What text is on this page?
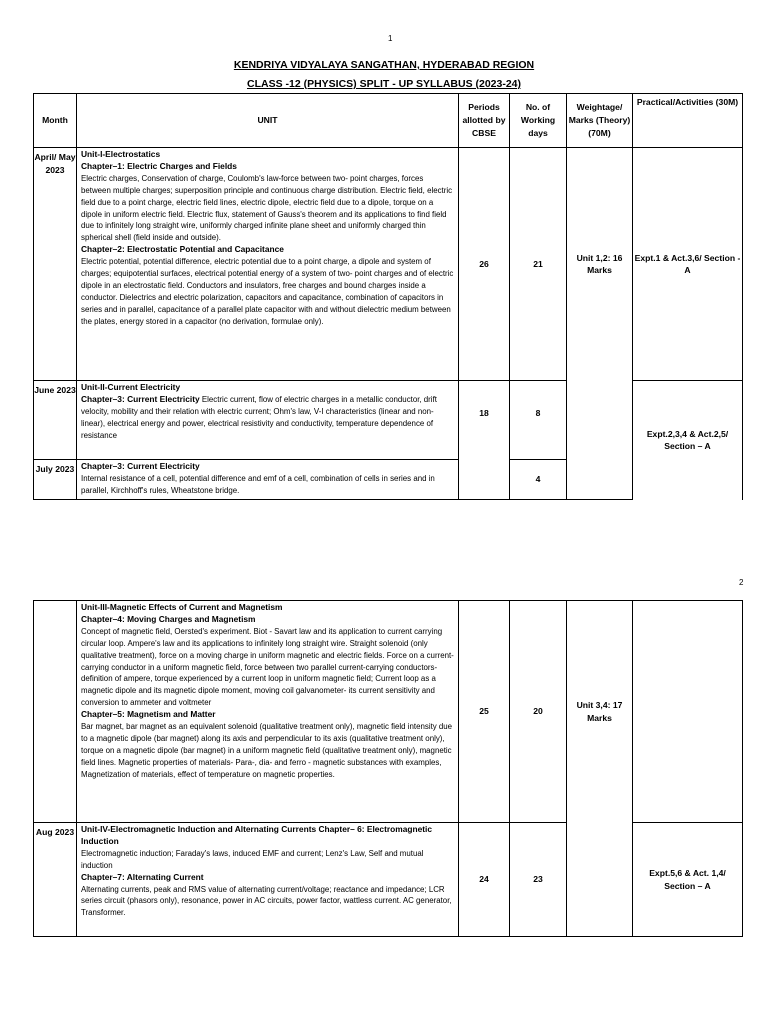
1
KENDRIYA VIDYALAYA SANGATHAN, HYDERABAD REGION
CLASS -12 (PHYSICS) SPLIT - UP SYLLABUS (2023-24)
Month	UNIT	Periods allotted by CBSE	No. of Working days	Weightage/ Marks (Theory) (70M)	Practical/Activities (30M)
April/ May 2023	Unit-I-Electrostatics
Chapter–1: Electric Charges and Fields
Electric charges, Conservation of charge, Coulomb's law-force between two- point charges, forces between multiple charges; superposition principle and continuous charge distribution. Electric field, electric field due to a point charge, electric field lines, electric dipole, electric field due to a dipole, torque on a dipole in uniform electric field. Electric flux, statement of Gauss's theorem and its applications to find field due to infinitely long straight wire, uniformly charged infinite plane sheet and uniformly charged thin spherical shell (field inside and outside).
Chapter–2: Electrostatic Potential and Capacitance
Electric potential, potential difference, electric potential due to a point charge, a dipole and system of charges; equipotential surfaces, electrical potential energy of a system of two- point charges and of electric dipole in an electrostatic field. Conductors and insulators, free charges and bound charges inside a conductor. Dielectrics and electric polarization, capacitors and capacitance, combination of capacitors in series and in parallel, capacitance of a parallel plate capacitor with and without dielectric medium between the plates, energy stored in a capacitor (no derivation, formulae only).	26	21	Unit 1,2: 16 Marks	Expt.1 & Act.3,6/ Section - A
June 2023	Unit-II-Current Electricity
Chapter–3: Current Electricity Electric current, flow of electric charges in a metallic conductor, drift velocity, mobility and their relation with electric current; Ohm's law, V-I characteristics (linear and non-linear), electrical energy and power, electrical resistivity and conductivity, temperature dependence of resistance	18	8		Expt.2,3,4 & Act.2,5/ Section – A
July 2023	Chapter–3: Current Electricity
Internal resistance of a cell, potential difference and emf of a cell, combination of cells in series and in parallel, Kirchhoff's rules, Wheatstone bridge.		4		
2

	Unit-III-Magnetic Effects of Current and Magnetism
Chapter–4: Moving Charges and Magnetism
Concept of magnetic field, Oersted's experiment. Biot - Savart law and its application to current carrying circular loop. Ampere's law and its applications to infinitely long straight wire. Straight solenoid (only qualitative treatment), force on a moving charge in uniform magnetic and electric fields. Force on a current-carrying conductor in a uniform magnetic field, force between two parallel current-carrying conductors-definition of ampere, torque experienced by a current loop in uniform magnetic field; Current loop as a magnetic dipole and its magnetic dipole moment, moving coil galvanometer- its current sensitivity and conversion to ammeter and voltmeter
Chapter–5: Magnetism and Matter
Bar magnet, bar magnet as an equivalent solenoid (qualitative treatment only), magnetic field intensity due to a magnetic dipole (bar magnet) along its axis and perpendicular to its axis (qualitative treatment only), torque on a magnetic dipole (bar magnet) in a uniform magnetic field (qualitative treatment only), magnetic field lines. Magnetic properties of materials- Para-, dia- and ferro - magnetic substances with examples, Magnetization of materials, effect of temperature on magnetic properties.	25	20	Unit 3,4: 17 Marks	
Aug 2023	Unit-IV-Electromagnetic Induction and Alternating Currents Chapter– 6: Electromagnetic Induction
Electromagnetic induction; Faraday's laws, induced EMF and current; Lenz's Law, Self and mutual induction
Chapter–7: Alternating Current
Alternating currents, peak and RMS value of alternating current/voltage; reactance and impedance; LCR series circuit (phasors only), resonance, power in AC circuits, power factor, wattless current. AC generator, Transformer.	24	23		Expt.5,6 & Act. 1,4/ Section – A
